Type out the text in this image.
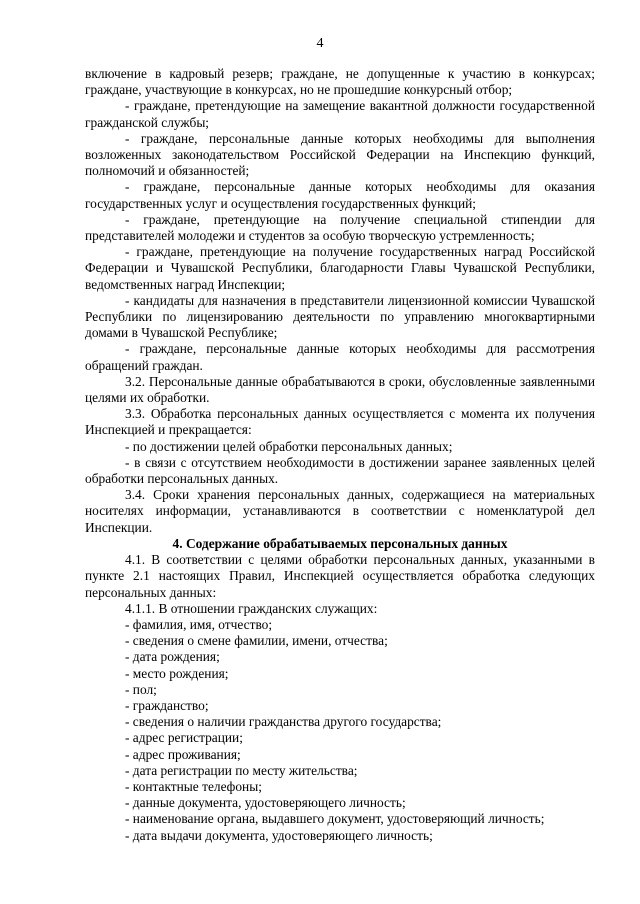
4

включение в кадровый резерв; граждане, не допущенные к участию в конкурсах; граждане, участвующие в конкурсах, но не прошедшие конкурсный отбор;

- граждане, претендующие на замещение вакантной должности государственной гражданской службы;

- граждане, персональные данные которых необходимы для выполнения возложенных законодательством Российской Федерации на Инспекцию функций, полномочий и обязанностей;

- граждане, персональные данные которых необходимы для оказания государственных услуг и осуществления государственных функций;

- граждане, претендующие на получение специальной стипендии для представителей молодежи и студентов за особую творческую устремленность;

- граждане, претендующие на получение государственных наград Российской Федерации и Чувашской Республики, благодарности Главы Чувашской Республики, ведомственных наград Инспекции;

- кандидаты для назначения в представители лицензионной комиссии Чувашской Республики по лицензированию деятельности по управлению многоквартирными домами в Чувашской Республике;

- граждане, персональные данные которых необходимы для рассмотрения обращений граждан.

3.2. Персональные данные обрабатываются в сроки, обусловленные заявленными целями их обработки.

3.3. Обработка персональных данных осуществляется с момента их получения Инспекцией и прекращается:

- по достижении целей обработки персональных данных;

- в связи с отсутствием необходимости в достижении заранее заявленных целей обработки персональных данных.

3.4. Сроки хранения персональных данных, содержащиеся на материальных носителях информации, устанавливаются в соответствии с номенклатурой дел Инспекции.

4. Содержание обрабатываемых персональных данных

4.1. В соответствии с целями обработки персональных данных, указанными в пункте 2.1 настоящих Правил, Инспекцией осуществляется обработка следующих персональных данных:

4.1.1. В отношении гражданских служащих:

- фамилия, имя, отчество;

- сведения о смене фамилии, имени, отчества;

- дата рождения;

- место рождения;

- пол;

- гражданство;

- сведения о наличии гражданства другого государства;

- адрес регистрации;

- адрес проживания;

- дата регистрации по месту жительства;

- контактные телефоны;

- данные документа, удостоверяющего личность;

- наименование органа, выдавшего документ, удостоверяющий личность;

- дата выдачи документа, удостоверяющего личность;
